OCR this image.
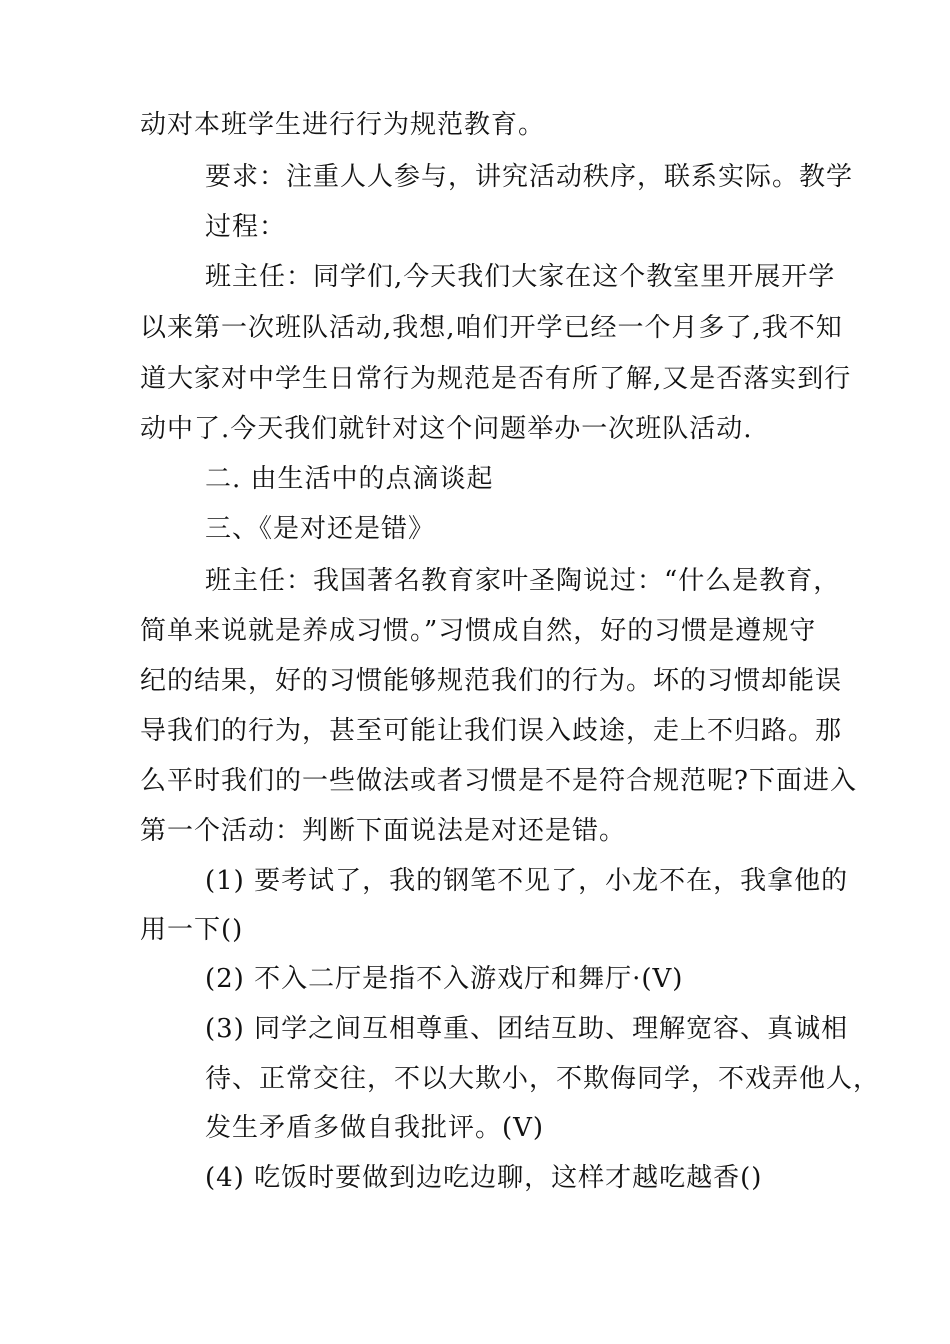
动对本班学生进行行为规范教育。
要求：注重人人参与，讲究活动秩序，联系实际。教学
过程：
班主任：同学们,今天我们大家在这个教室里开展开学
以来第一次班队活动,我想,咱们开学已经一个月多了,我不知
道大家对中学生日常行为规范是否有所了解,又是否落实到行
动中了.今天我们就针对这个问题举办一次班队活动.
二. 由生活中的点滴谈起
三、《是对还是错》
班主任：我国著名教育家叶圣陶说过：“什么是教育，
简单来说就是养成习惯。”习惯成自然，好的习惯是遵规守
纪的结果，好的习惯能够规范我们的行为。坏的习惯却能误
导我们的行为，甚至可能让我们误入歧途，走上不归路。那
么平时我们的一些做法或者习惯是不是符合规范呢?下面进入
第一个活动：判断下面说法是对还是错。
(1) 要考试了，我的钢笔不见了，小龙不在，我拿他的
用一下()
(2) 不入二厅是指不入游戏厅和舞厅·(V)
(3) 同学之间互相尊重、团结互助、理解宽容、真诚相
待、正常交往，不以大欺小，不欺侮同学，不戏弄他人，
发生矛盾多做自我批评。(V)
(4) 吃饭时要做到边吃边聊，这样才越吃越香()
